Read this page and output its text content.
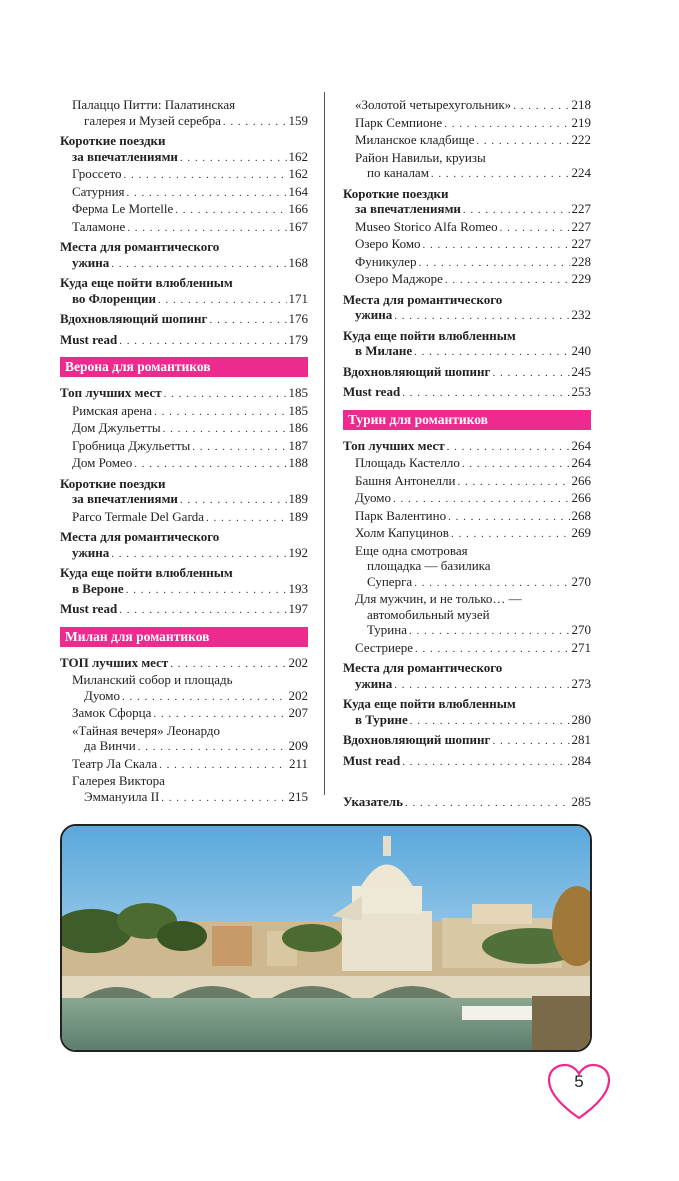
Палаццо Питти: Палатинская
галерея и Музей серебра . . .	159
Короткие поездки
за впечатлениями . . .	162
Гроссето . . .	162
Сатурния . . .	164
Ферма Le Mortelle . . .	166
Таламоне . . .	167
Места для романтического
ужина . . .	168
Куда еще пойти влюбленным
во Флоренции . . .	171
Вдохновляющий шопинг . . .	176
Must read . . .	179
Верона для романтиков
Топ лучших мест . . .	185
Римская арена . . .	185
Дом Джульетты . . .	186
Гробница Джульетты . . .	187
Дом Ромео . . .	188
Короткие поездки
за впечатлениями . . .	189
Parco Termale Del Garda . . .	189
Места для романтического
ужина . . .	192
Куда еще пойти влюбленным
в Вероне . . .	193
Must read . . .	197
Милан для романтиков
ТОП лучших мест . . .	202
Миланский собор и площадь
Дуомо . . .	202
Замок Сфорца . . .	207
«Тайная вечеря» Леонардо
да Винчи . . .	209
Театр Ла Скала . . .	211
Галерея Виктора
Эммануила II . . .	215
«Золотой четырехугольник» . . .	218
Парк Семпионе . . .	219
Миланское кладбище . . .	222
Район Навильи, круизы
по каналам . . .	224
Короткие поездки
за впечатлениями . . .	227
Museo Storico Alfa Romeo . . .	227
Озеро Комо . . .	227
Фуникулер . . .	228
Озеро Маджоре . . .	229
Места для романтического
ужина . . .	232
Куда еще пойти влюбленным
в Милане . . .	240
Вдохновляющий шопинг . . .	245
Must read . . .	253
Турин для романтиков
Топ лучших мест . . .	264
Площадь Кастелло . . .	264
Башня Антонелли . . .	266
Дуомо . . .	266
Парк Валентино . . .	268
Холм Капуцинов . . .	269
Еще одна смотровая
площадка — базилика
Суперга . . .	270
Для мужчин, и не только… —
автомобильный музей
Турина . . .	270
Сестриере . . .	271
Места для романтического
ужина . . .	273
Куда еще пойти влюбленным
в Турине . . .	280
Вдохновляющий шопинг . . .	281
Must read . . .	284
Указатель . . .	285
5
